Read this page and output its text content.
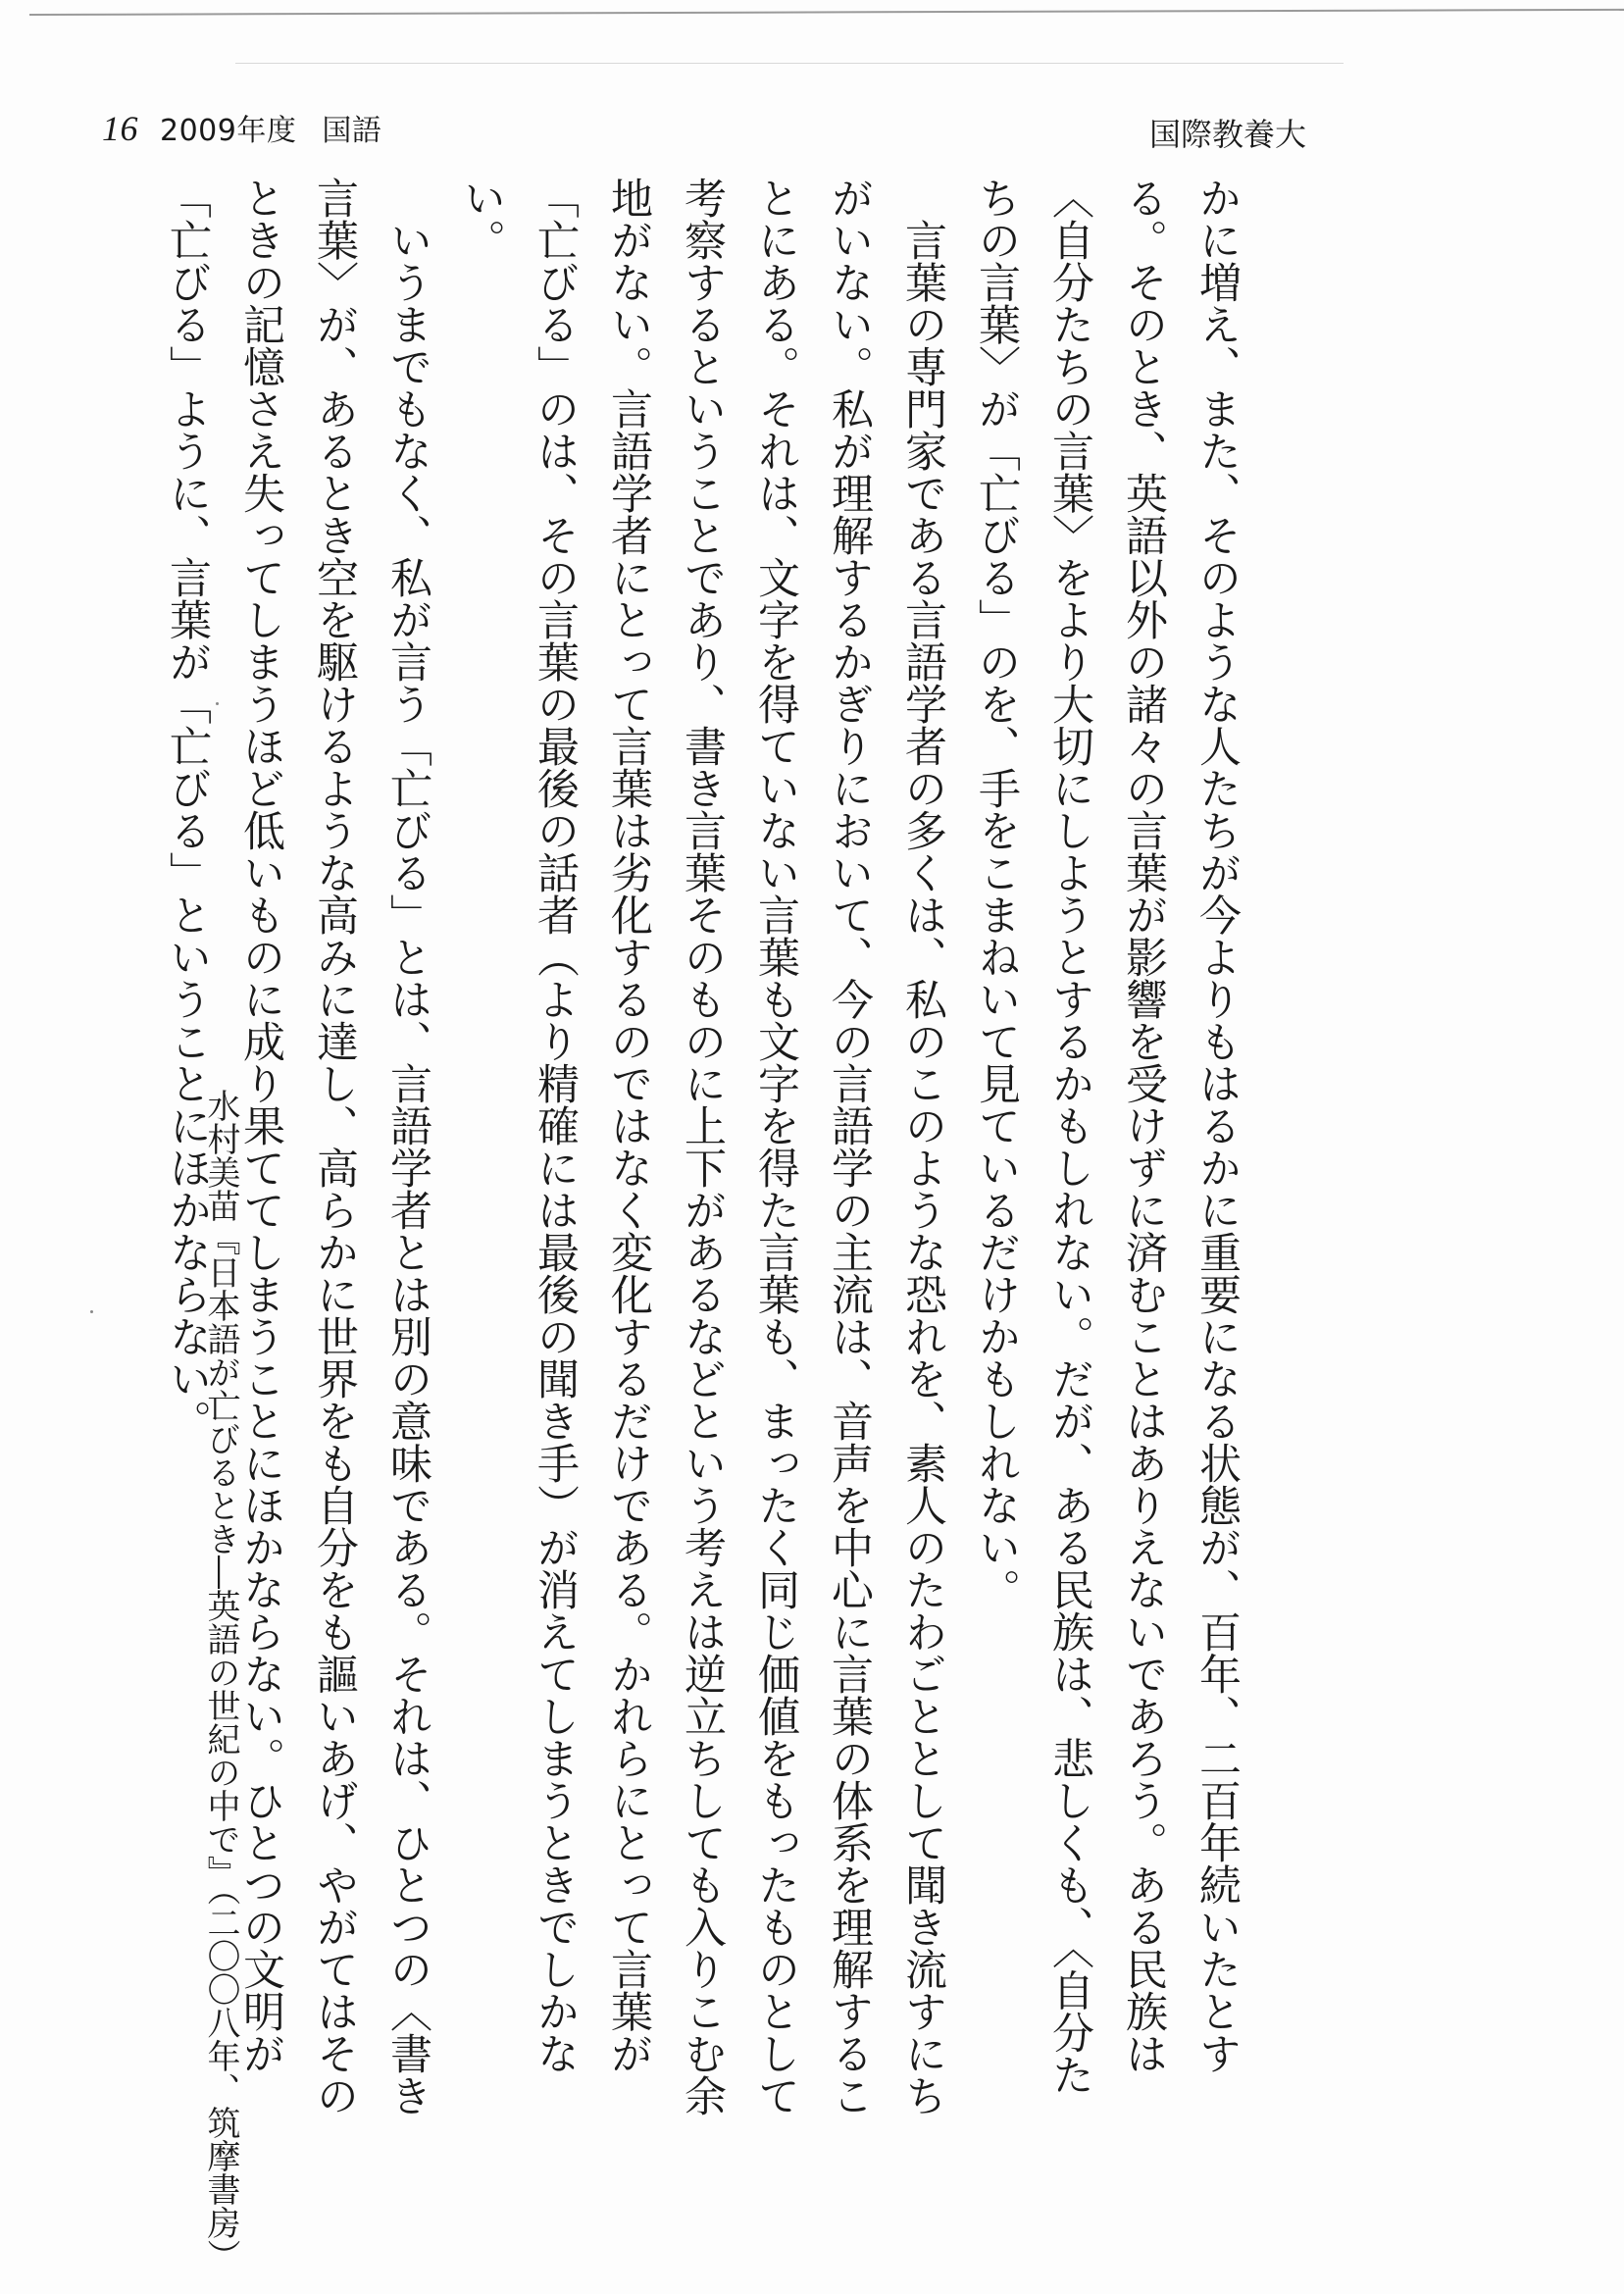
16 2009年度 国語	国際教養大

かに増え、また、そのような人たちが今よりもはるかに重要になる状態が、百年、二百年続いたとする。そのとき、英語以外の諸々の言葉が影響を受けずに済むことはありえないであろう。ある民族は〈自分たちの言葉〉をより大切にしようとするかもしれない。だが、ある民族は、悲しくも、〈自分たちの言葉〉が「亡びる」のを、手をこまねいて見ているだけかもしれない。

言葉の専門家である言語学者の多くは、私のこのような恐れを、素人のたわごととして聞き流すにちがいない。私が理解するかぎりにおいて、今の言語学の主流は、音声を中心に言葉の体系を理解することにある。それは、文字を得ていない言葉も文字を得た言葉も、まったく同じ価値をもったものとして考察するということであり、書き言葉そのものに上下があるなどという考えは逆立ちしても入りこむ余地がない。言語学者にとって言葉は劣化するのではなく変化するだけである。かれらにとって言葉が「亡びる」のは、その言葉の最後の話者（より精確には最後の聞き手）が消えてしまうときでしかない。

いうまでもなく、私が言う「亡びる」とは、言語学者とは別の意味である。それは、ひとつの〈書き言葉〉が、あるとき空を駆けるような高みに達し、高らかに世界をも自分をも謳いあげ、やがてはそのときの記憶さえ失ってしまうほど低いものに成り果ててしまうことにほかならない。ひとつの文明が「亡びる」ように、言葉が「亡びる」ということにほかならない。

水村美苗『日本語が亡びるとき―英語の世紀の中で』（二〇〇八年、筑摩書房）
